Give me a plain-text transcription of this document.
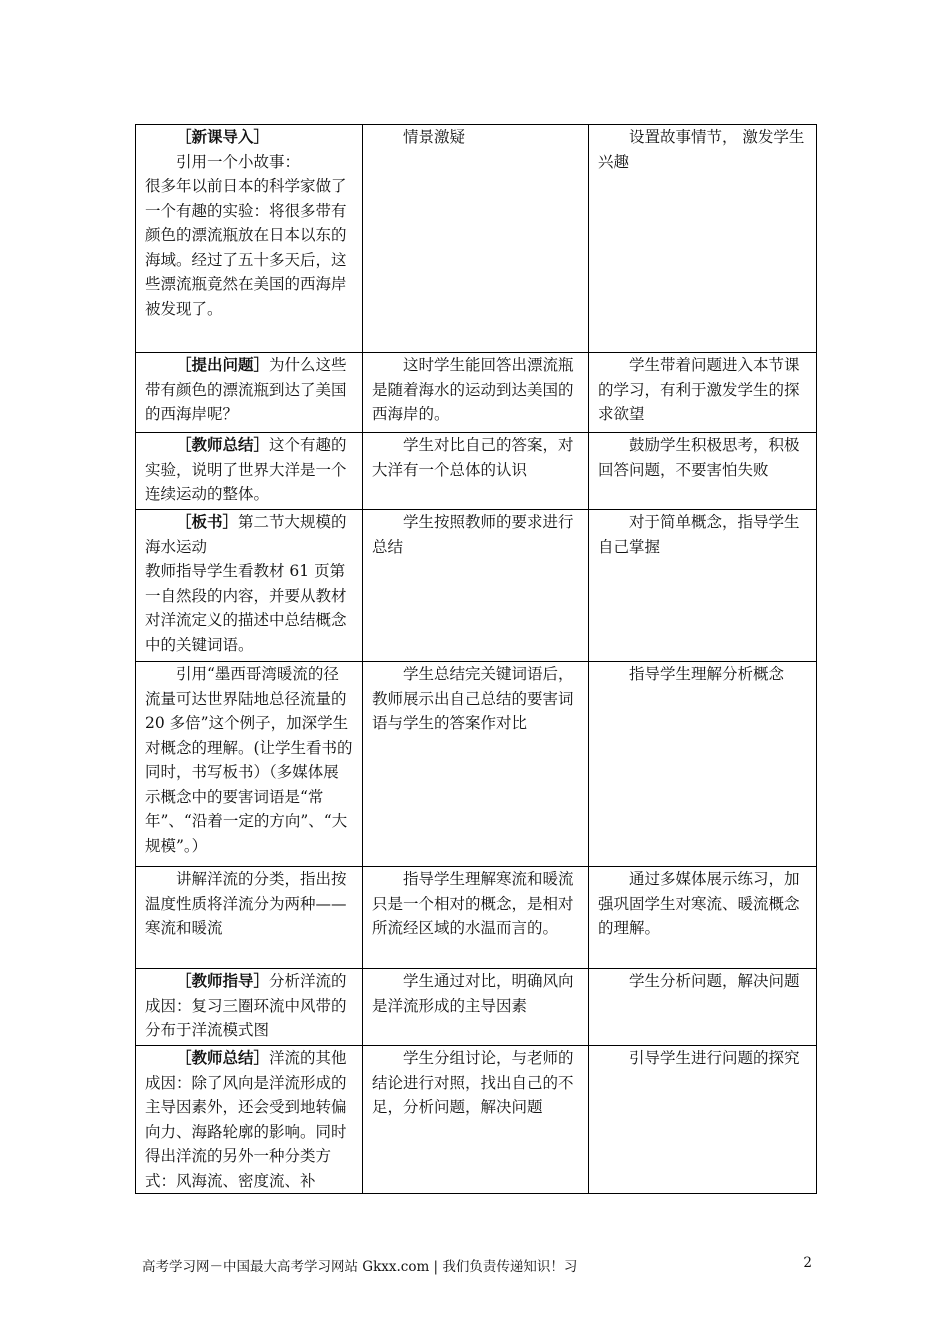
［新课导入］
引用一个小故事：
很多年以前日本的科学家做了一个有趣的实验：将很多带有颜色的漂流瓶放在日本以东的海域。经过了五十多天后，这些漂流瓶竟然在美国的西海岸被发现了。	情景激疑	设置故事情节， 激发学生兴趣

［提出问题］为什么这些带有颜色的漂流瓶到达了美国的西海岸呢？	这时学生能回答出漂流瓶是随着海水的运动到达美国的西海岸的。	学生带着问题进入本节课的学习，有利于激发学生的探求欲望

［教师总结］这个有趣的实验，说明了世界大洋是一个连续运动的整体。	学生对比自己的答案，对大洋有一个总体的认识	鼓励学生积极思考，积极回答问题，不要害怕失败

［板书］第二节大规模的海水运动
教师指导学生看教材 61 页第一自然段的内容，并要从教材对洋流定义的描述中总结概念中的关键词语。	学生按照教师的要求进行总结	对于简单概念，指导学生自己掌握

引用“墨西哥湾暖流的径流量可达世界陆地总径流量的 20 多倍”这个例子，加深学生对概念的理解。(让学生看书的同时，书写板书）（多媒体展示概念中的要害词语是“常年”、“沿着一定的方向”、“大规模”。）	学生总结完关键词语后，教师展示出自己总结的要害词语与学生的答案作对比	指导学生理解分析概念

讲解洋流的分类，指出按温度性质将洋流分为两种——寒流和暖流	指导学生理解寒流和暖流只是一个相对的概念，是相对所流经区域的水温而言的。	通过多媒体展示练习，加强巩固学生对寒流、暖流概念的理解。

［教师指导］分析洋流的成因：复习三圈环流中风带的分布于洋流模式图	学生通过对比，明确风向是洋流形成的主导因素	学生分析问题，解决问题

［教师总结］洋流的其他成因：除了风向是洋流形成的主导因素外，还会受到地转偏向力、海路轮廓的影响。同时得出洋流的另外一种分类方式：风海流、密度流、补	学生分组讨论，与老师的结论进行对照，找出自己的不足，分析问题，解决问题	引导学生进行问题的探究
高考学习网－中国最大高考学习网站 Gkxx.com | 我们负责传递知识！习	2
